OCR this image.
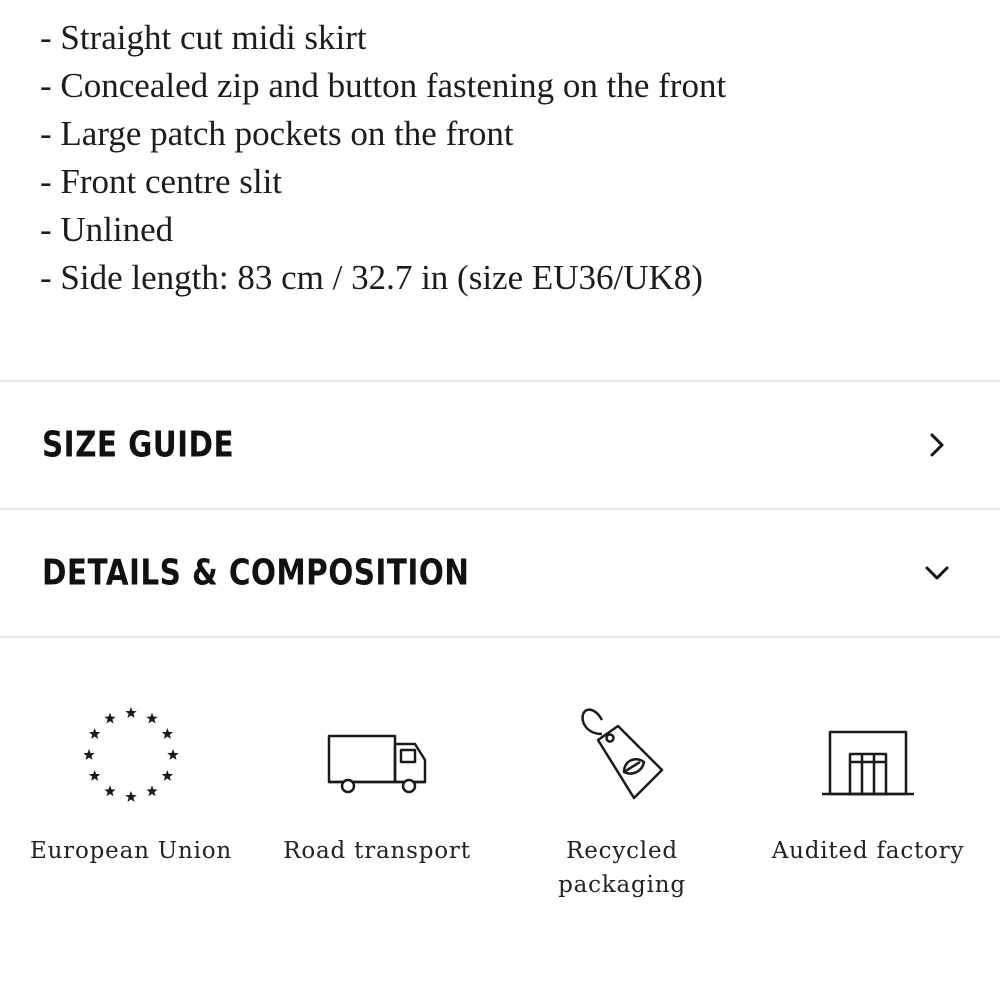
- Straight cut midi skirt
- Concealed zip and button fastening on the front
- Large patch pockets on the front
- Front centre slit
- Unlined
- Side length: 83 cm / 32.7 in (size EU36/UK8)
SIZE GUIDE
DETAILS & COMPOSITION
European Union	Road transport	Recycled packaging
Audited factory
